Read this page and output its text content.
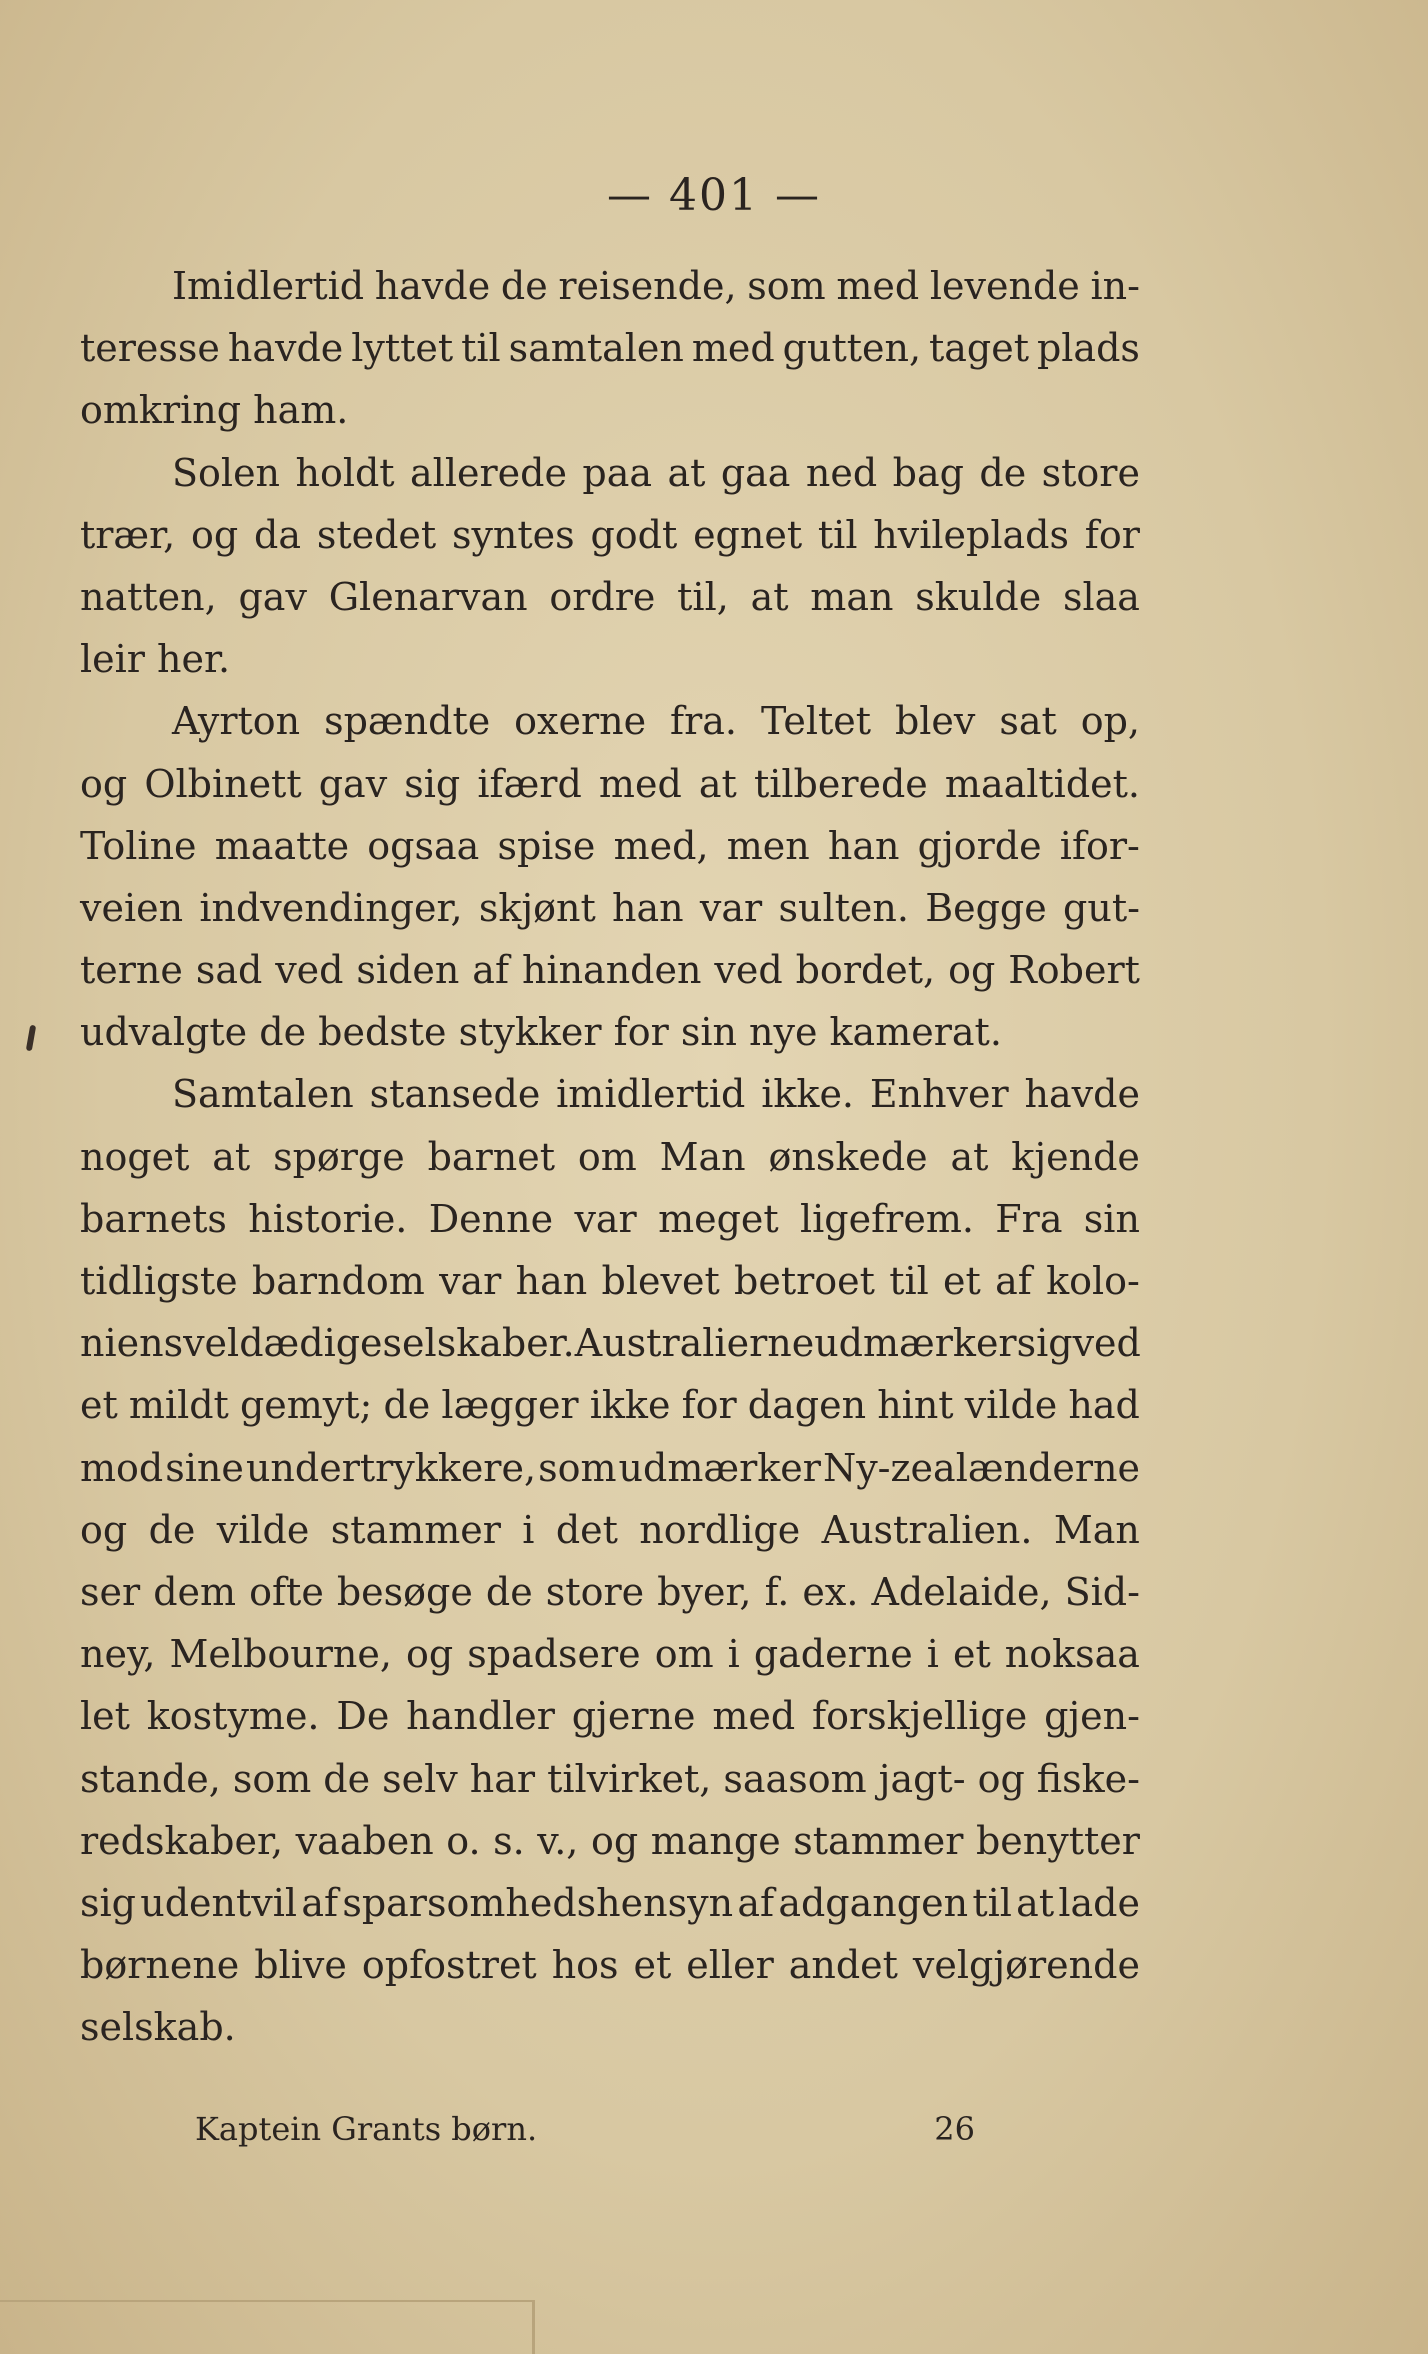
— 401 —
Imidlertid havde de reisende, som med levende in-
teresse havde lyttet til samtalen med gutten, taget plads
omkring ham.
Solen holdt allerede paa at gaa ned bag de store
trær, og da stedet syntes godt egnet til hvileplads for
natten, gav Glenarvan ordre til, at man skulde slaa
leir her.
Ayrton spændte oxerne fra. Teltet blev sat op,
og Olbinett gav sig ifærd med at tilberede maaltidet.
Toline maatte ogsaa spise med, men han gjorde ifor-
veien indvendinger, skjønt han var sulten. Begge gut-
terne sad ved siden af hinanden ved bordet, og Robert
udvalgte de bedste stykker for sin nye kamerat.
Samtalen stansede imidlertid ikke. Enhver havde
noget at spørge barnet om Man ønskede at kjende
barnets historie. Denne var meget ligefrem. Fra sin
tidligste barndom var han blevet betroet til et af kolo-
niens veldædige selskaber. Australierne udmærker sig ved
et mildt gemyt; de lægger ikke for dagen hint vilde had
mod sine undertrykkere, som udmærker Ny-zealænderne
og de vilde stammer i det nordlige Australien. Man
ser dem ofte besøge de store byer, f. ex. Adelaide, Sid-
ney, Melbourne, og spadsere om i gaderne i et noksaa
let kostyme. De handler gjerne med forskjellige gjen-
stande, som de selv har tilvirket, saasom jagt- og fiske-
redskaber, vaaben o. s. v., og mange stammer benytter
sig udentvil af sparsomhedshensyn af adgangen til at lade
børnene blive opfostret hos et eller andet velgjørende
selskab.
Kaptein Grants børn.	26
